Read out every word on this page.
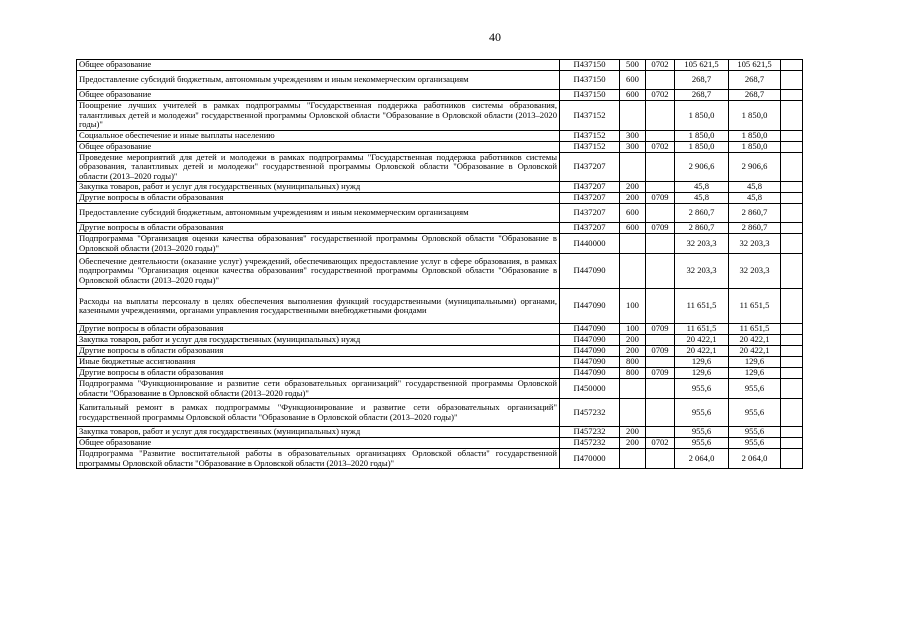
40
Общее образование	П437150	500	0702	105 621,5	105 621,5	
Предоставление субсидий бюджетным, автономным учреждениям и иным некоммерческим организациям	П437150	600		268,7	268,7	
Общее образование	П437150	600	0702	268,7	268,7	
Поощрение лучших учителей в рамках подпрограммы "Государственная поддержка работников системы образования, талантливых детей и молодежи" государственной программы Орловской области "Образование в Орловской области (2013–2020 годы)"	П437152			1 850,0	1 850,0	
Социальное обеспечение и иные выплаты населению	П437152	300		1 850,0	1 850,0	
Общее образование	П437152	300	0702	1 850,0	1 850,0	
Проведение мероприятий для детей и молодежи в рамках подпрограммы "Государственная поддержка работников системы образования, талантливых детей и молодежи" государственной программы Орловской области "Образование в Орловской области (2013–2020 годы)"	П437207			2 906,6	2 906,6	
Закупка товаров, работ и услуг для государственных (муниципальных) нужд	П437207	200		45,8	45,8	
Другие вопросы в области образования	П437207	200	0709	45,8	45,8	
Предоставление субсидий бюджетным, автономным учреждениям и иным некоммерческим организациям	П437207	600		2 860,7	2 860,7	
Другие вопросы в области образования	П437207	600	0709	2 860,7	2 860,7	
Подпрограмма "Организация оценки качества образования" государственной программы Орловской области "Образование в Орловской области (2013–2020 годы)"	П440000			32 203,3	32 203,3	
Обеспечение деятельности (оказание услуг) учреждений, обеспечивающих предоставление услуг в сфере образования, в рамках подпрограммы "Организация оценки качества образования" государственной программы Орловской области "Образование в Орловской области (2013–2020 годы)"	П447090			32 203,3	32 203,3	
Расходы на выплаты персоналу в целях обеспечения выполнения функций государственными (муниципальными) органами, казенными учреждениями, органами управления государственными внебюджетными фондами	П447090	100		11 651,5	11 651,5	
Другие вопросы в области образования	П447090	100	0709	11 651,5	11 651,5	
Закупка товаров, работ и услуг для государственных (муниципальных) нужд	П447090	200		20 422,1	20 422,1	
Другие вопросы в области образования	П447090	200	0709	20 422,1	20 422,1	
Иные бюджетные ассигнования	П447090	800		129,6	129,6	
Другие вопросы в области образования	П447090	800	0709	129,6	129,6	
Подпрограмма "Функционирование и развитие сети образовательных организаций" государственной программы Орловской области "Образование в Орловской области (2013–2020 годы)"	П450000			955,6	955,6	
Капитальный ремонт в рамках подпрограммы "Функционирование и развитие сети образовательных организаций" государственной программы Орловской области "Образование в Орловской области (2013–2020 годы)"	П457232			955,6	955,6	
Закупка товаров, работ и услуг для государственных (муниципальных) нужд	П457232	200		955,6	955,6	
Общее образование	П457232	200	0702	955,6	955,6	
Подпрограмма "Развитие воспитательной работы в образовательных организациях Орловской области" государственной программы Орловской области "Образование в Орловской области (2013–2020 годы)"	П470000			2 064,0	2 064,0	
